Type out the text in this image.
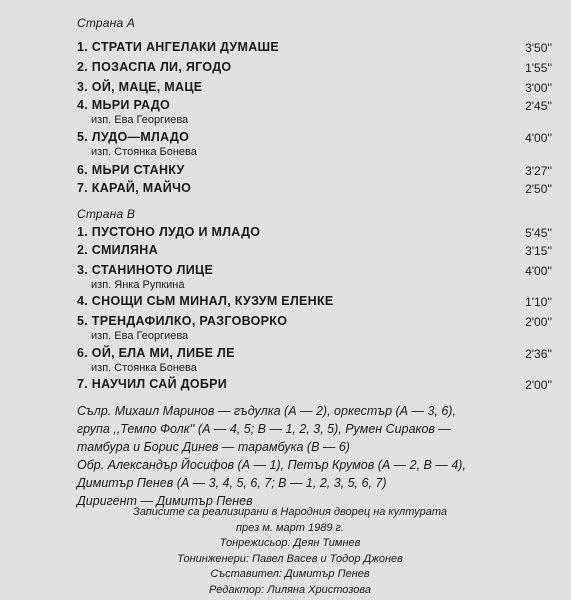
Страна А
1. СТРАТИ АНГЕЛАКИ ДУМАШЕ	3'50''
2. ПОЗАСПА ЛИ, ЯГОДО	1'55''
3. ОЙ, МАЦЕ, МАЦЕ	3'00''
4. МЬРИ РАДО	2'45''
изп. Ева Георгиева
5. ЛУДО—МЛАДО	4'00''
изп. Стоянка Бонева
6. МЬРИ СТАНКУ	3'27''
7. КАРАЙ, МАЙЧО	2'50''
Страна В
1. ПУСТОНО ЛУДО И МЛАДО	5'45''
2. СМИЛЯНА	3'15''
3. СТАНИНОТО ЛИЦЕ	4'00''
изп. Янка Рупкина
4. СНОЩИ СЬМ МИНАЛ, КУЗУМ ЕЛЕНКЕ	1'10''
5. ТРЕНДАФИЛКО, РАЗГОВОРКО	2'00''
изп. Ева Георгиева
6. ОЙ, ЕЛА МИ, ЛИБЕ ЛЕ	2'36''
изп. Стоянка Бонева
7. НАУЧИЛ САЙ ДОБРИ	2'00''

Сълр. Михаил Маринов — гъдулка (А — 2), оркестър (А — 3, 6),

група ,,Темпо Фолк'' (А — 4, 5; В — 1, 2, 3, 5), Румен Сираков —

тамбура и Борис Динев — тарамбука (В — 6)

Обр. Александър Йосифов (А — 1), Петър Крумов (А — 2, В — 4),

Димитър Пенев (А — 3, 4, 5, 6, 7; В — 1, 2, 3, 5, 6, 7)

Диригент — Димитър Пенев

Записите са реализирани в Народния дворец на културата

през м. март 1989 г.

Тонрежисьор: Деян Тимнев

Тонинженери: Павел Васев и Тодор Джонев

Съставител: Димитър Пенев

Редактор: Лиляна Христозова
